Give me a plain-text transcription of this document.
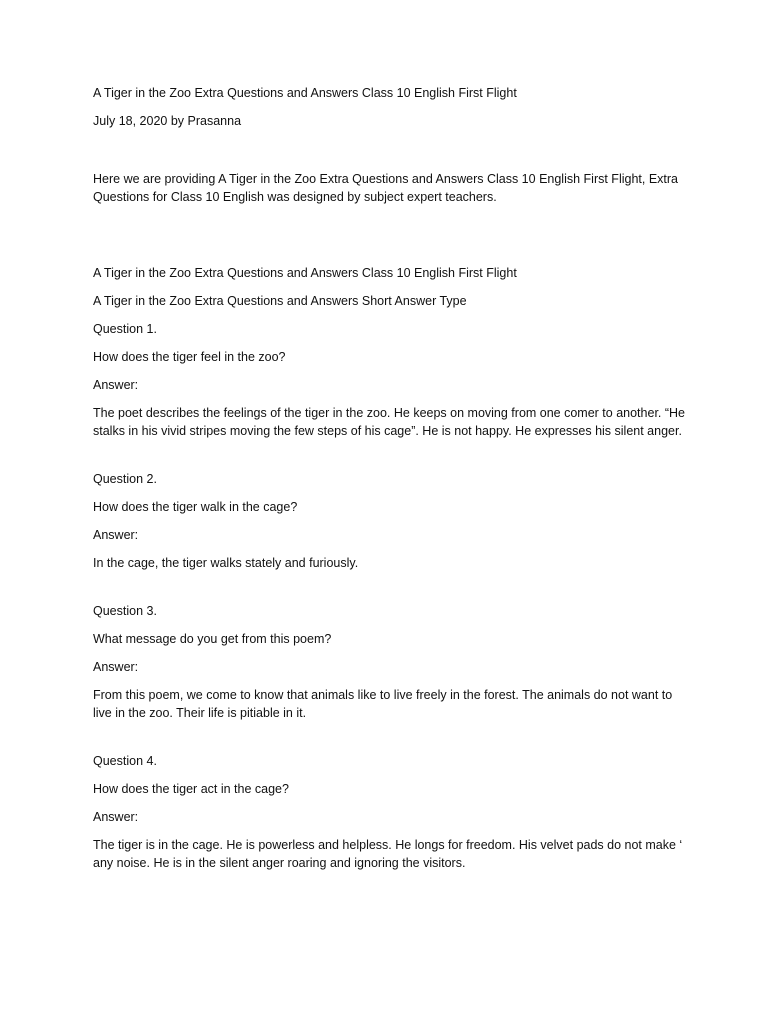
A Tiger in the Zoo Extra Questions and Answers Class 10 English First Flight

July 18, 2020 by Prasanna

Here we are providing A Tiger in the Zoo Extra Questions and Answers Class 10 English First Flight, Extra Questions for Class 10 English was designed by subject expert teachers.

A Tiger in the Zoo Extra Questions and Answers Class 10 English First Flight

A Tiger in the Zoo Extra Questions and Answers Short Answer Type

Question 1.

How does the tiger feel in the zoo?

Answer:

The poet describes the feelings of the tiger in the zoo. He keeps on moving from one comer to another. “He stalks in his vivid stripes moving the few steps of his cage”. He is not happy. He expresses his silent anger.

Question 2.

How does the tiger walk in the cage?

Answer:

In the cage, the tiger walks stately and furiously.

Question 3.

What message do you get from this poem?

Answer:

From this poem, we come to know that animals like to live freely in the forest. The animals do not want to live in the zoo. Their life is pitiable in it.

Question 4.

How does the tiger act in the cage?

Answer:

The tiger is in the cage. He is powerless and helpless. He longs for freedom. His velvet pads do not make ‘ any noise. He is in the silent anger roaring and ignoring the visitors.
